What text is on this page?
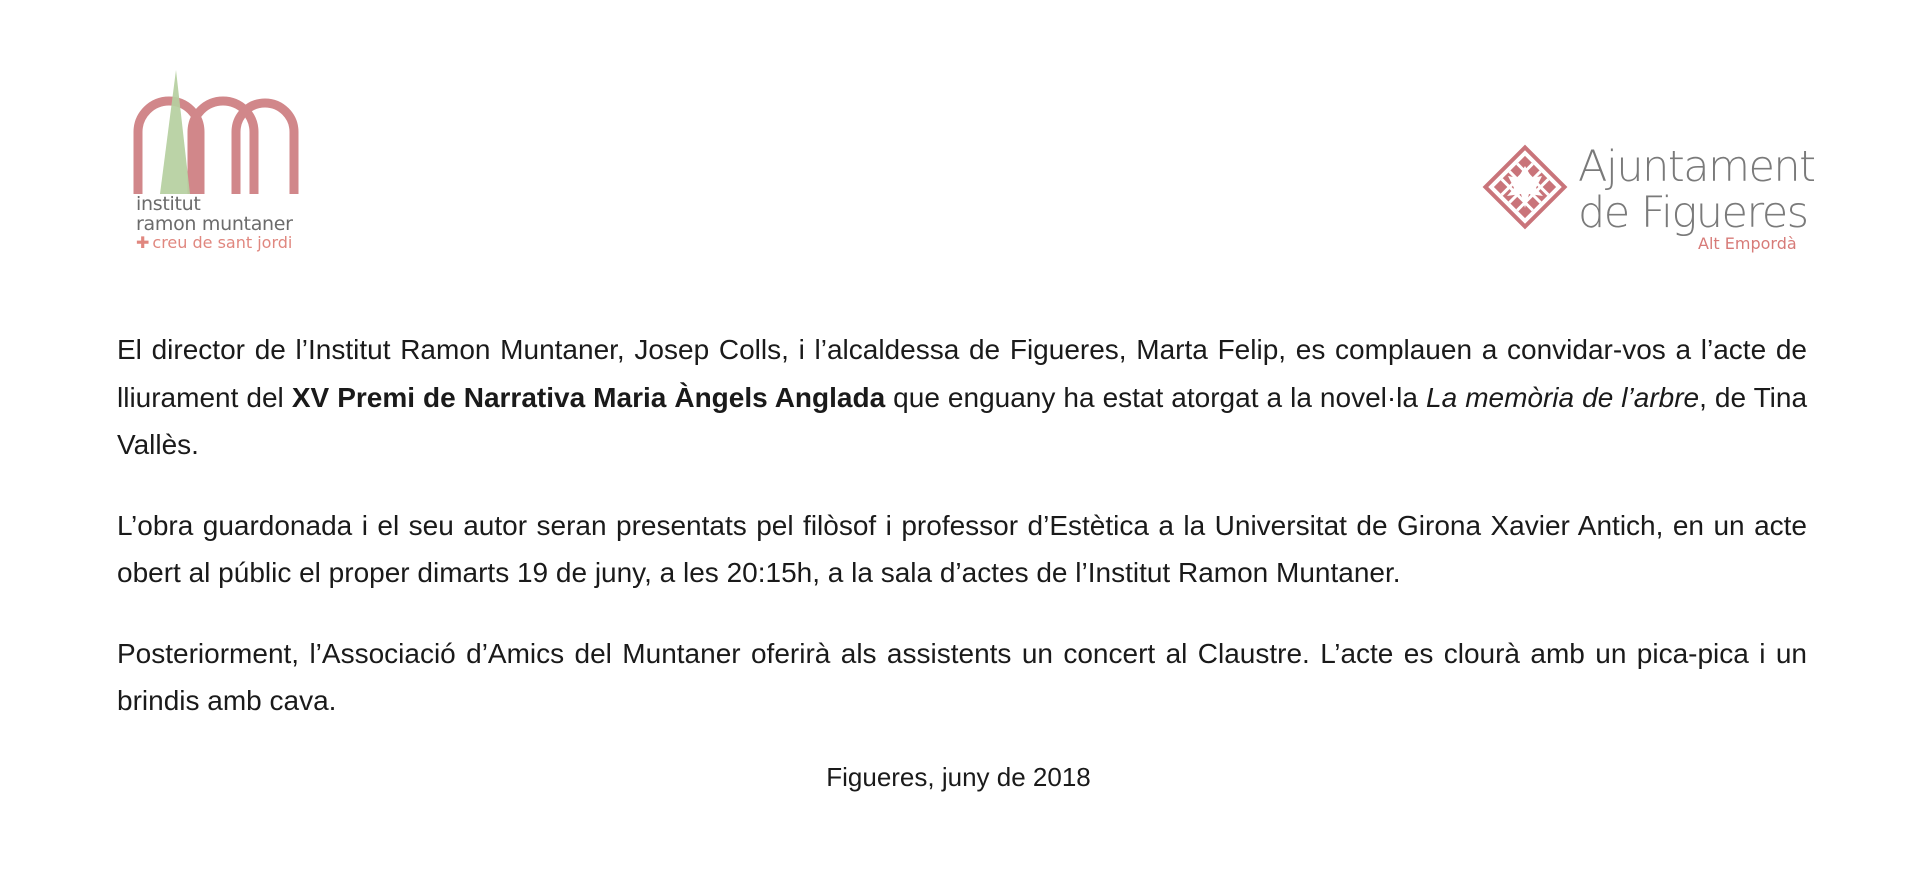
institut
ramon muntaner
✚ creu de sant jordi
Ajuntament
de Figueres
Alt Empordà

El director de l’Institut Ramon Muntaner, Josep Colls, i l’alcaldessa de Figueres, Marta Felip, es complauen a convidar-vos a l’acte de lliurament del XV Premi de Narrativa Maria Àngels Anglada que enguany ha estat atorgat a la novel·la La memòria de l’arbre, de Tina Vallès.

L’obra guardonada i el seu autor seran presentats pel filòsof i professor d’Estètica a la Universitat de Girona Xavier Antich, en un acte obert al públic el proper dimarts 19 de juny, a les 20:15h, a la sala d’actes de l’Institut Ramon Muntaner.

Posteriorment, l’Associació d’Amics del Muntaner oferirà als assistents un concert al Claustre. L’acte es clourà amb un pica-pica i un brindis amb cava.

Figueres, juny de 2018
